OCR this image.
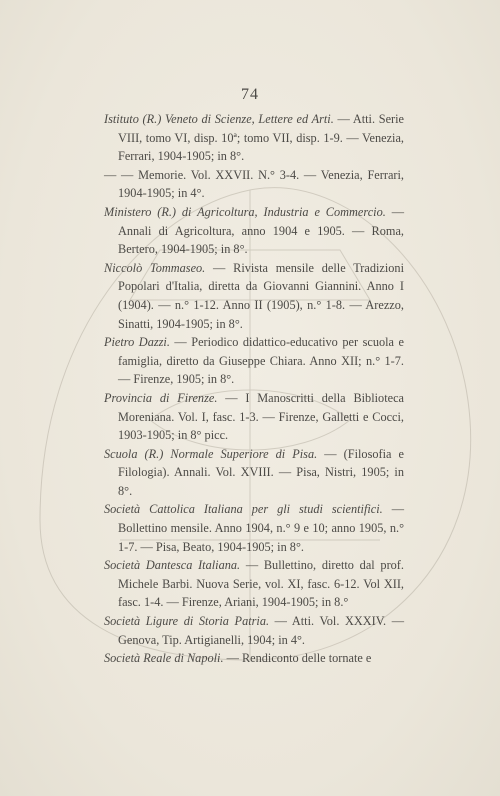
74

Istituto (R.) Veneto di Scienze, Lettere ed Arti. — Atti. Serie VIII, tomo VI, disp. 10ª; tomo VII, disp. 1-9. — Venezia, Ferrari, 1904-1905; in 8°.

— — Memorie. Vol. XXVII. N.° 3-4. — Venezia, Ferrari, 1904-1905; in 4°.

Ministero (R.) di Agricoltura, Industria e Commercio. — Annali di Agricoltura, anno 1904 e 1905. — Roma, Bertero, 1904-1905; in 8°.

Niccolò Tommaseo. — Rivista mensile delle Tradizioni Popolari d'Italia, diretta da Giovanni Giannini. Anno I (1904). — n.° 1-12. Anno II (1905), n.° 1-8. — Arezzo, Sinatti, 1904-1905; in 8°.

Pietro Dazzi. — Periodico didattico-educativo per scuola e famiglia, diretto da Giuseppe Chiara. Anno XII; n.° 1-7. — Firenze, 1905; in 8°.

Provincia di Firenze. — I Manoscritti della Biblioteca Moreniana. Vol. I, fasc. 1-3. — Firenze, Galletti e Cocci, 1903-1905; in 8° picc.

Scuola (R.) Normale Superiore di Pisa. — (Filosofia e Filologia). Annali. Vol. XVIII. — Pisa, Nistri, 1905; in 8°.

Società Cattolica Italiana per gli studi scientifici. — Bollettino mensile. Anno 1904, n.° 9 e 10; anno 1905, n.° 1-7. — Pisa, Beato, 1904-1905; in 8°.

Società Dantesca Italiana. — Bullettino, diretto dal prof. Michele Barbi. Nuova Serie, vol. XI, fasc. 6-12. Vol XII, fasc. 1-4. — Firenze, Ariani, 1904-1905; in 8.°

Società Ligure di Storia Patria. — Atti. Vol. XXXIV. — Genova, Tip. Artigianelli, 1904; in 4°.

Società Reale di Napoli. — Rendiconto delle tornate e
